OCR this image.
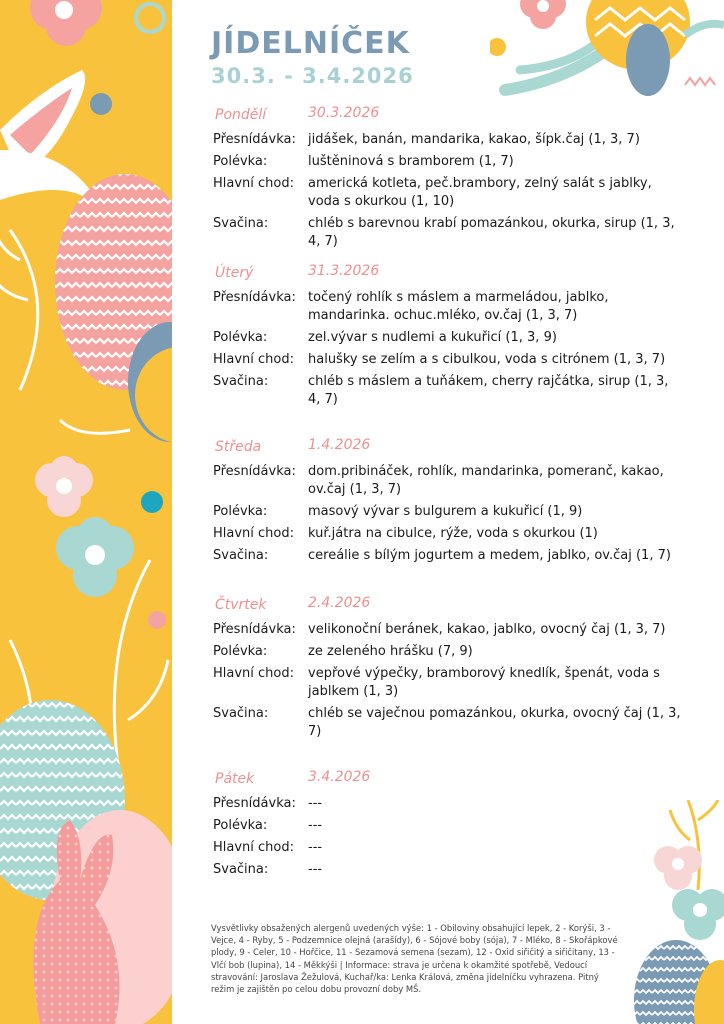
JÍDELNÍČEK
30.3. - 3.4.2026
Pondělí	30.3.2026
Přesnídávka: jidášek, banán, mandarika, kakao, šípk.čaj (1, 3, 7)
Polévka:	luštěninová s bramborem (1, 7)
Hlavní chod:	americká kotleta, peč.brambory, zelný salát s jablky, voda s okurkou (1, 10)
Svačina:	chléb s barevnou krabí pomazánkou, okurka, sirup (1, 3, 4, 7)
Úterý	31.3.2026
Přesnídávka: točený rohlík s máslem a marmeládou, jablko, mandarinka. ochuc.mléko, ov.čaj (1, 3, 7)
Polévka:	zel.vývar s nudlemi a kukuřicí (1, 3, 9)
Hlavní chod:	halušky se zelím a s cibulkou, voda s citrónem (1, 3, 7)
Svačina:	chléb s máslem a tuňákem, cherry rajčátka, sirup (1, 3, 4, 7)
Středa	1.4.2026
Přesnídávka: dom.pribináček, rohlík, mandarinka, pomeranč, kakao, ov.čaj (1, 3, 7)
Polévka:	masový vývar s bulgurem a kukuřicí (1, 9)
Hlavní chod:	kuř.játra na cibulce, rýže, voda s okurkou (1)
Svačina:	cereálie s bílým jogurtem a medem, jablko, ov.čaj (1, 7)
Čtvrtek	2.4.2026
Přesnídávka: velikonoční beránek, kakao, jablko, ovocný čaj (1, 3, 7)
Polévka:	ze zeleného hrášku (7, 9)
Hlavní chod:	vepřové výpečky, bramborový knedlík, špenát, voda s jablkem (1, 3)
Svačina:	chléb se vaječnou pomazánkou, okurka, ovocný čaj (1, 3, 7)
Pátek	3.4.2026
Přesnídávka: ---
Polévka:	---
Hlavní chod:	---
Svačina:	---
Vysvětlivky obsažených alergenů uvedených výše: 1 - Obiloviny obsahující lepek, 2 - Korýši, 3 - Vejce, 4 - Ryby, 5 - Podzemnice olejná (arašídy), 6 - Sójové boby (sója), 7 - Mléko, 8 - Skořápkové plody, 9 - Celer, 10 - Hořčice, 11 - Sezamová semena (sezam), 12 - Oxid siřičitý a siřičitany, 13 - Vlčí bob (lupina), 14 - Měkkýši | Informace: strava je určena k okamžité spotřebě, Vedoucí stravování: Jaroslava Žežulová, Kuchař/ka: Lenka Králová, změna jídelníčku vyhrazena. Pitný režim je zajištěn po celou dobu provozní doby MŠ.
